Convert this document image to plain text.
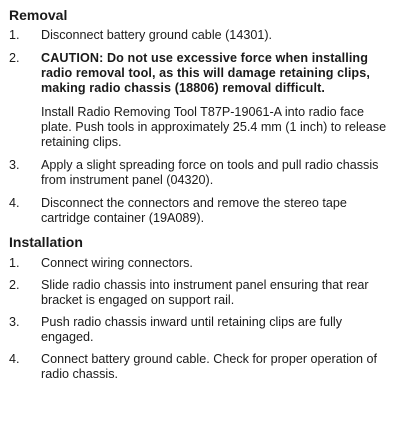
Removal
1.	Disconnect battery ground cable (14301).
2.	CAUTION: Do not use excessive force when installing radio removal tool, as this will damage retaining clips, making radio chassis (18806) removal difficult.
Install Radio Removing Tool T87P-19061-A into radio face plate. Push tools in approximately 25.4 mm (1 inch) to release retaining clips.
3.	Apply a slight spreading force on tools and pull radio chassis from instrument panel (04320).
4.	Disconnect the connectors and remove the stereo tape cartridge container (19A089).
Installation
1.	Connect wiring connectors.
2.	Slide radio chassis into instrument panel ensuring that rear bracket is engaged on support rail.
3.	Push radio chassis inward until retaining clips are fully engaged.
4.	Connect battery ground cable. Check for proper operation of radio chassis.
